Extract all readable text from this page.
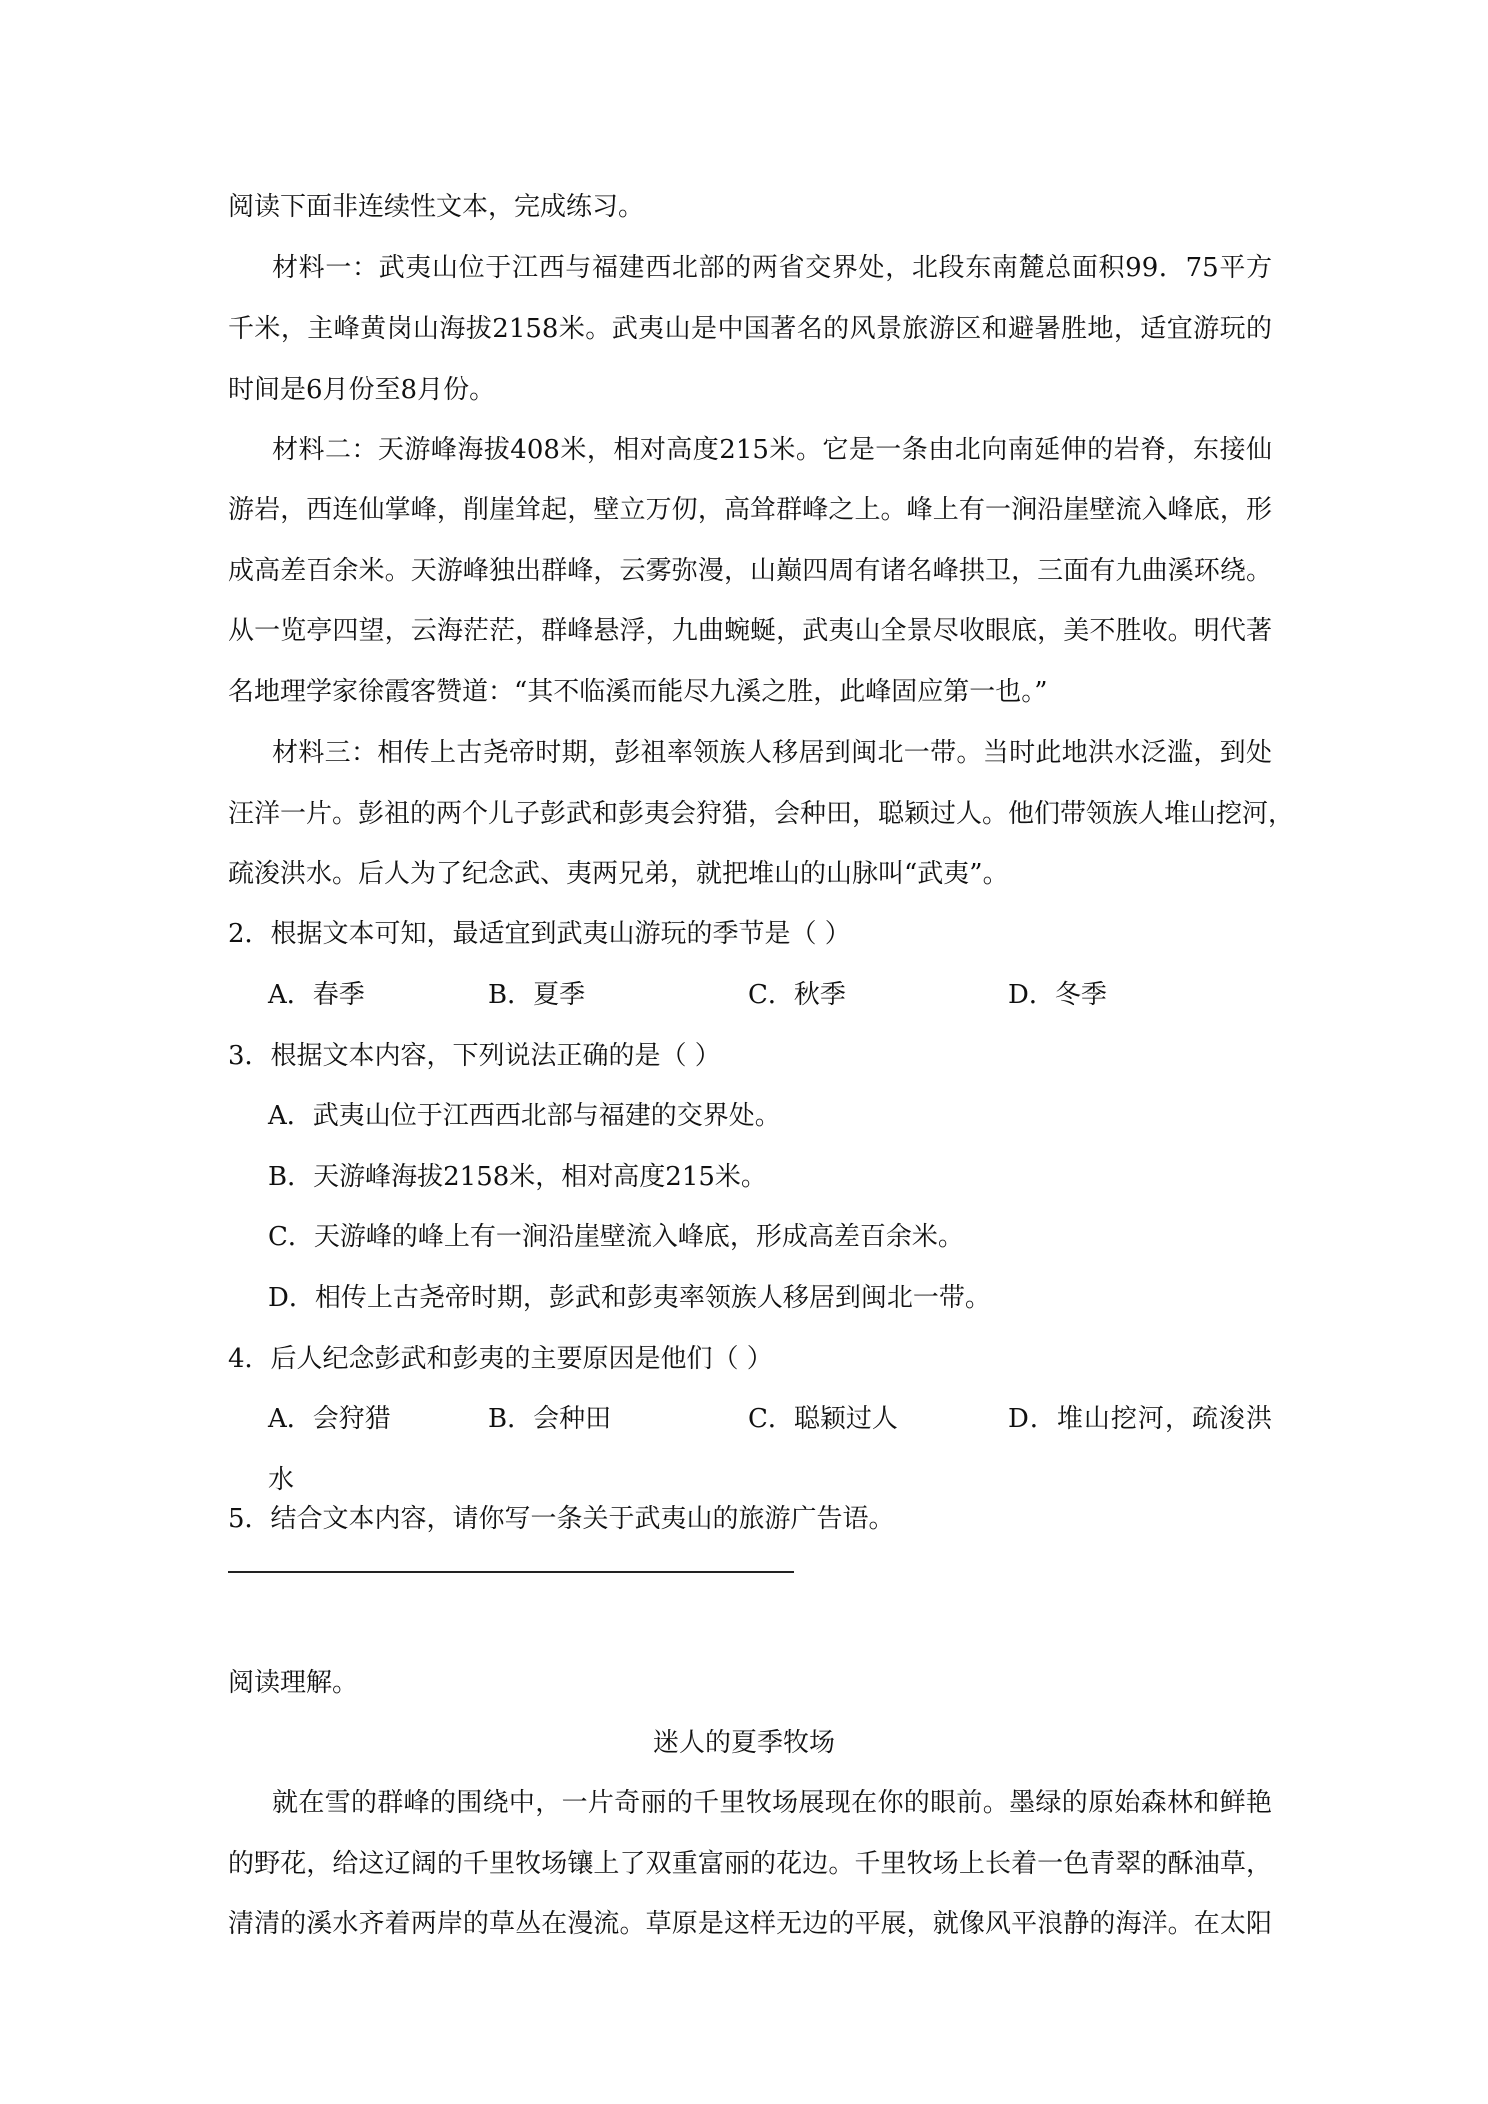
阅读下面非连续性文本，完成练习。
材料一：武夷山位于江西与福建西北部的两省交界处，北段东南麓总面积99．75平方
千米，主峰黄岗山海拔2158米。武夷山是中国著名的风景旅游区和避暑胜地，适宜游玩的
时间是6月份至8月份。
材料二：天游峰海拔408米，相对高度215米。它是一条由北向南延伸的岩脊，东接仙
游岩，西连仙掌峰，削崖耸起，壁立万仞，高耸群峰之上。峰上有一涧沿崖壁流入峰底，形
成高差百余米。天游峰独出群峰，云雾弥漫，山巅四周有诸名峰拱卫，三面有九曲溪环绕。
从一览亭四望，云海茫茫，群峰悬浮，九曲蜿蜒，武夷山全景尽收眼底，美不胜收。明代著
名地理学家徐霞客赞道：“其不临溪而能尽九溪之胜，此峰固应第一也。”
材料三：相传上古尧帝时期，彭祖率领族人移居到闽北一带。当时此地洪水泛滥，到处
汪洋一片。彭祖的两个儿子彭武和彭夷会狩猎，会种田，聪颖过人。他们带领族人堆山挖河，
疏浚洪水。后人为了纪念武、夷两兄弟，就把堆山的山脉叫“武夷”。
2．根据文本可知，最适宜到武夷山游玩的季节是（ ）
A．春季	B．夏季	C．秋季	D．冬季
3．根据文本内容，下列说法正确的是（ ）
A．武夷山位于江西西北部与福建的交界处。
B．天游峰海拔2158米，相对高度215米。
C．天游峰的峰上有一涧沿崖壁流入峰底，形成高差百余米。
D．相传上古尧帝时期，彭武和彭夷率领族人移居到闽北一带。
4．后人纪念彭武和彭夷的主要原因是他们（ ）
A．会狩猎	B．会种田	C．聪颖过人	D．堆山挖河，疏浚洪
水
5．结合文本内容，请你写一条关于武夷山的旅游广告语。
阅读理解。
迷人的夏季牧场
就在雪的群峰的围绕中，一片奇丽的千里牧场展现在你的眼前。墨绿的原始森林和鲜艳
的野花，给这辽阔的千里牧场镶上了双重富丽的花边。千里牧场上长着一色青翠的酥油草，
清清的溪水齐着两岸的草丛在漫流。草原是这样无边的平展，就像风平浪静的海洋。在太阳
